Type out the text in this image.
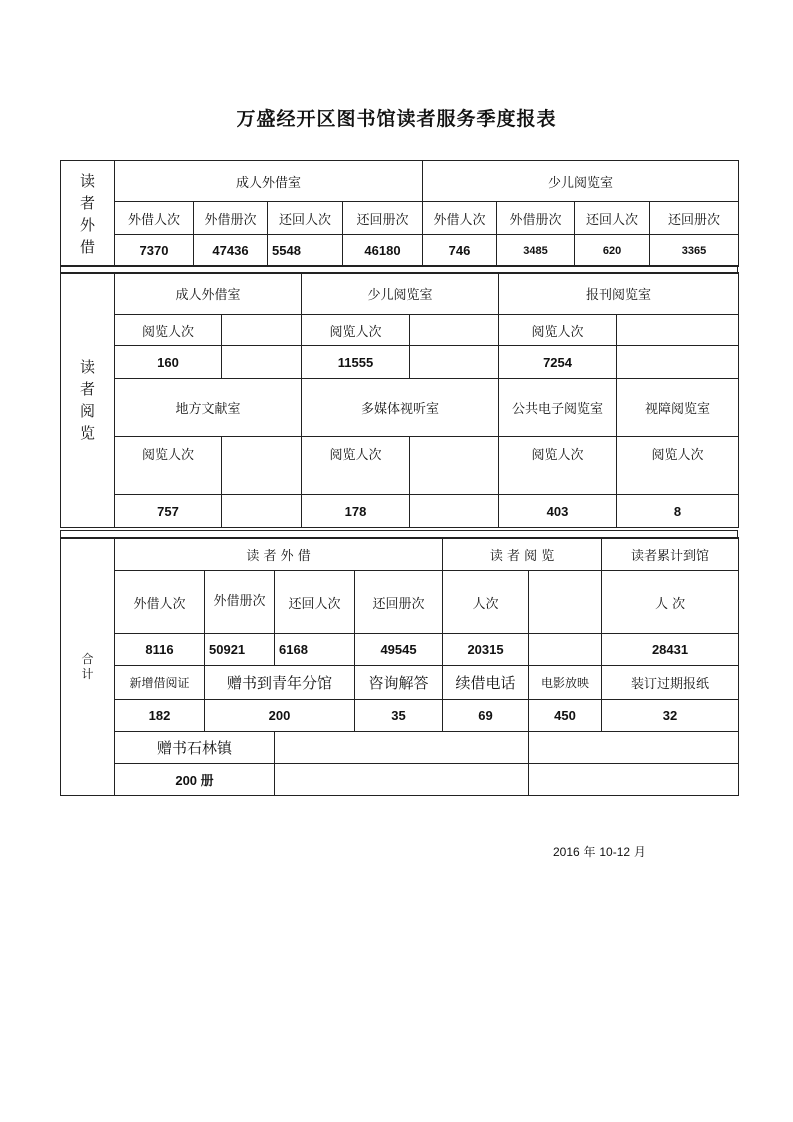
万盛经开区图书馆读者服务季度报表
读
者
外
借	成人外借室				少儿阅览室			
	外借人次	外借册次	还回人次	还回册次	外借人次	外借册次	还回人次	还回册次
	7370	47436	5548	46180	746	3485	620	3365
读
者
阅
览	成人外借室		少儿阅览室		报刊阅览室	
	阅览人次		阅览人次		阅览人次	
	160		11555		7254	
	地方文献室		多媒体视听室		公共电子阅览室	视障阅览室
	阅览人次		阅览人次		阅览人次	阅览人次
	757		178		403	8
合
计	读 者 外 借				读 者 阅 览		读者累计到馆
	外借人次	外借册次	还回人次	还回册次	人次		人 次
	8116	50921	6168	49545	20315		28431
	新增借阅证	赠书到青年分馆		咨询解答	续借电话	电影放映	装订过期报纸
	182	200		35	69	450	32
	赠书石林镇						
	200 册						
2016 年 10-12 月
